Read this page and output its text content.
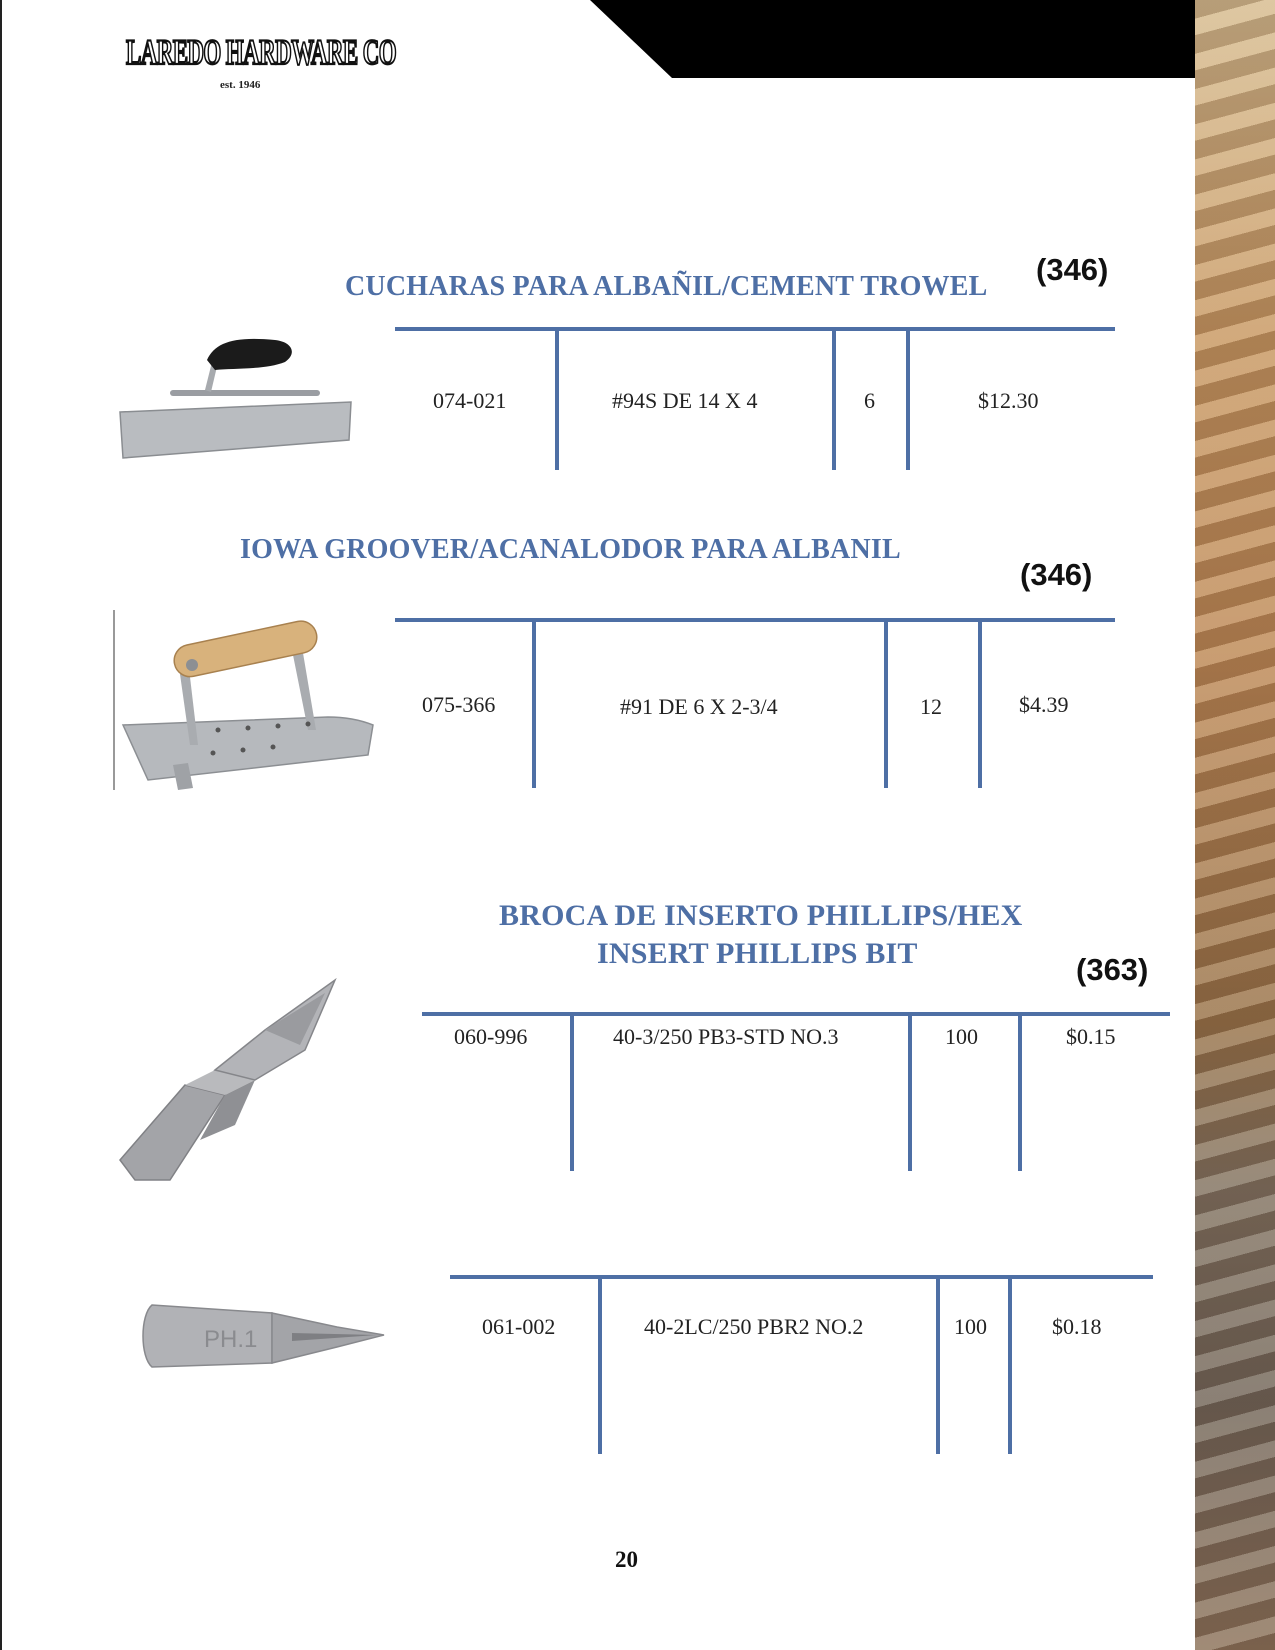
LAREDO HARDWARE CO
est. 1946
CUCHARAS PARA ALBAÑIL/CEMENT TROWEL (346)
074-021	#94S DE 14 X 4	6	$12.30
IOWA GROOVER/ACANALODOR PARA ALBANIL
(346)
075-366	#91 DE 6 X 2-3/4	12	$4.39
BROCA DE INSERTO PHILLIPS/HEX
INSERT PHILLIPS BIT	(363)
060-996	40-3/250 PB3-STD NO.3	100	$0.15
PH.1	061-002	40-2LC/250 PBR2 NO.2	100	$0.18
20
